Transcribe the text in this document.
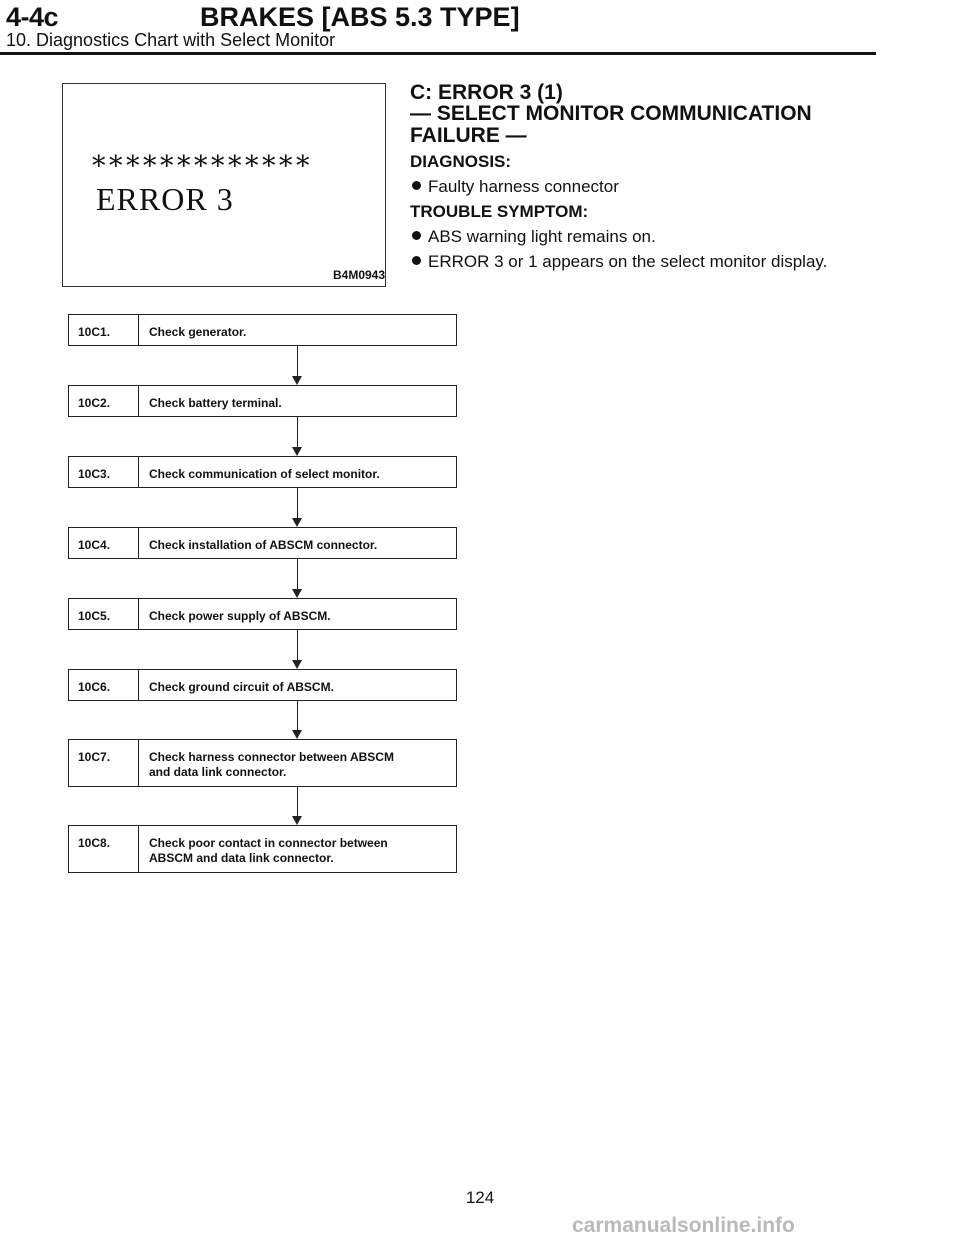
4-4c	BRAKES [ABS 5.3 TYPE]
10. Diagnostics Chart with Select Monitor
*************
ERROR 3
B4M0943
C: ERROR 3 (1)
— SELECT MONITOR COMMUNICATION
FAILURE —
DIAGNOSIS:
Faulty harness connector
TROUBLE SYMPTOM:
ABS warning light remains on.
ERROR 3 or 1 appears on the select monitor display.
10C1.	Check generator.
10C2.	Check battery terminal.
10C3.	Check communication of select monitor.
10C4.	Check installation of ABSCM connector.
10C5.	Check power supply of ABSCM.
10C6.	Check ground circuit of ABSCM.
10C7.	Check harness connector between ABSCM
and data link connector.
10C8.	Check poor contact in connector between
ABSCM and data link connector.
124
carmanualsonline.info
